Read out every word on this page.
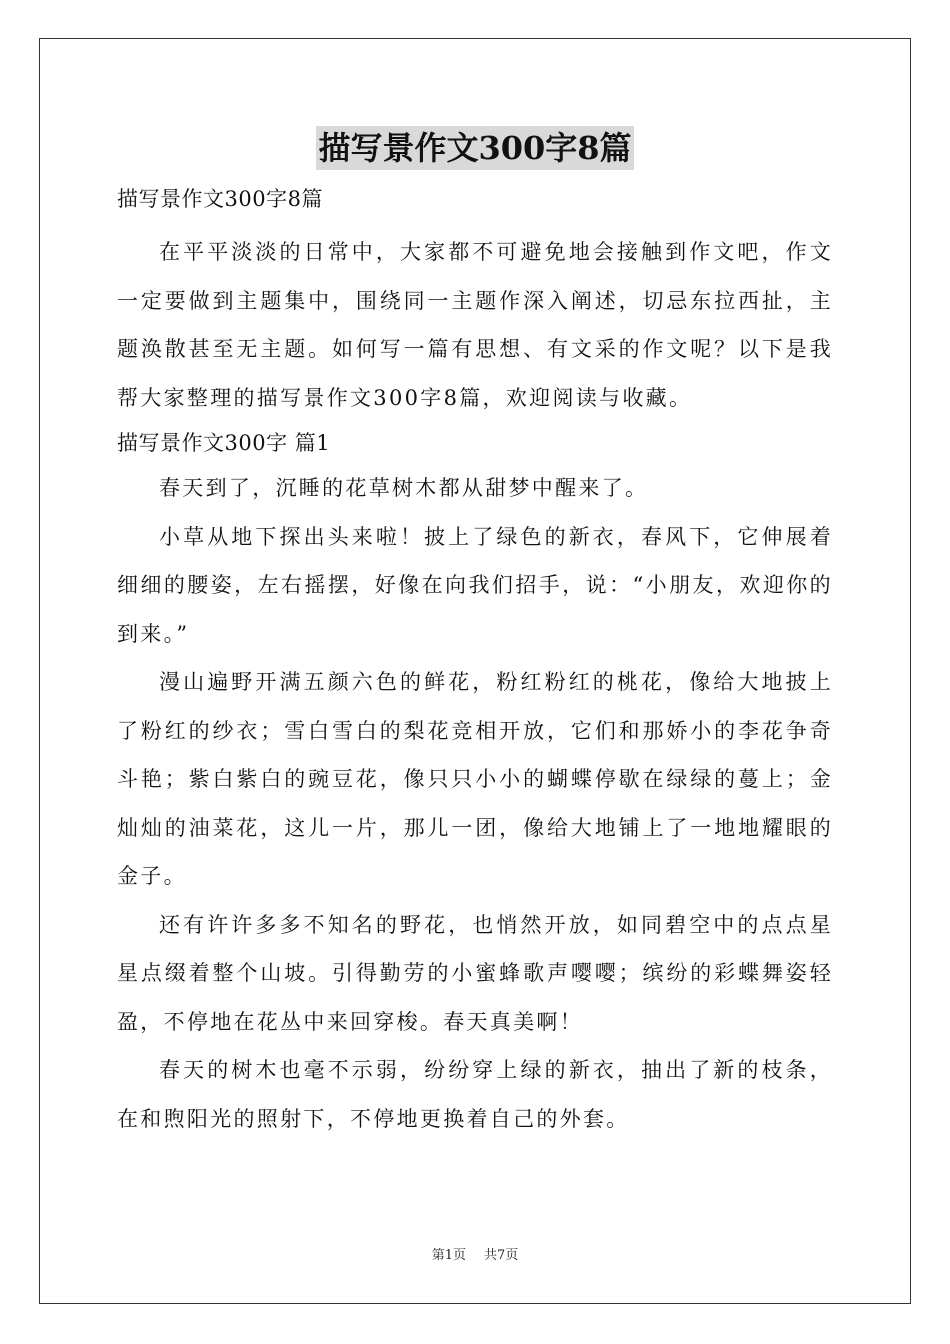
描写景作文300字8篇

描写景作文300字8篇

在平平淡淡的日常中，大家都不可避免地会接触到作文吧，作文一定要做到主题集中，围绕同一主题作深入阐述，切忌东拉西扯，主题涣散甚至无主题。如何写一篇有思想、有文采的作文呢？以下是我帮大家整理的描写景作文300字8篇，欢迎阅读与收藏。

描写景作文300字 篇1

春天到了，沉睡的花草树木都从甜梦中醒来了。

小草从地下探出头来啦！披上了绿色的新衣，春风下，它伸展着细细的腰姿，左右摇摆，好像在向我们招手，说：“小朋友，欢迎你的到来。”

漫山遍野开满五颜六色的鲜花，粉红粉红的桃花，像给大地披上了粉红的纱衣；雪白雪白的梨花竞相开放，它们和那娇小的李花争奇斗艳；紫白紫白的豌豆花，像只只小小的蝴蝶停歇在绿绿的蔓上；金灿灿的油菜花，这儿一片，那儿一团，像给大地铺上了一地地耀眼的金子。

还有许许多多不知名的野花，也悄然开放，如同碧空中的点点星星点缀着整个山坡。引得勤劳的小蜜蜂歌声嘤嘤；缤纷的彩蝶舞姿轻盈，不停地在花丛中来回穿梭。春天真美啊！

春天的树木也毫不示弱，纷纷穿上绿的新衣，抽出了新的枝条，在和煦阳光的照射下，不停地更换着自己的外套。

第1页 共7页
